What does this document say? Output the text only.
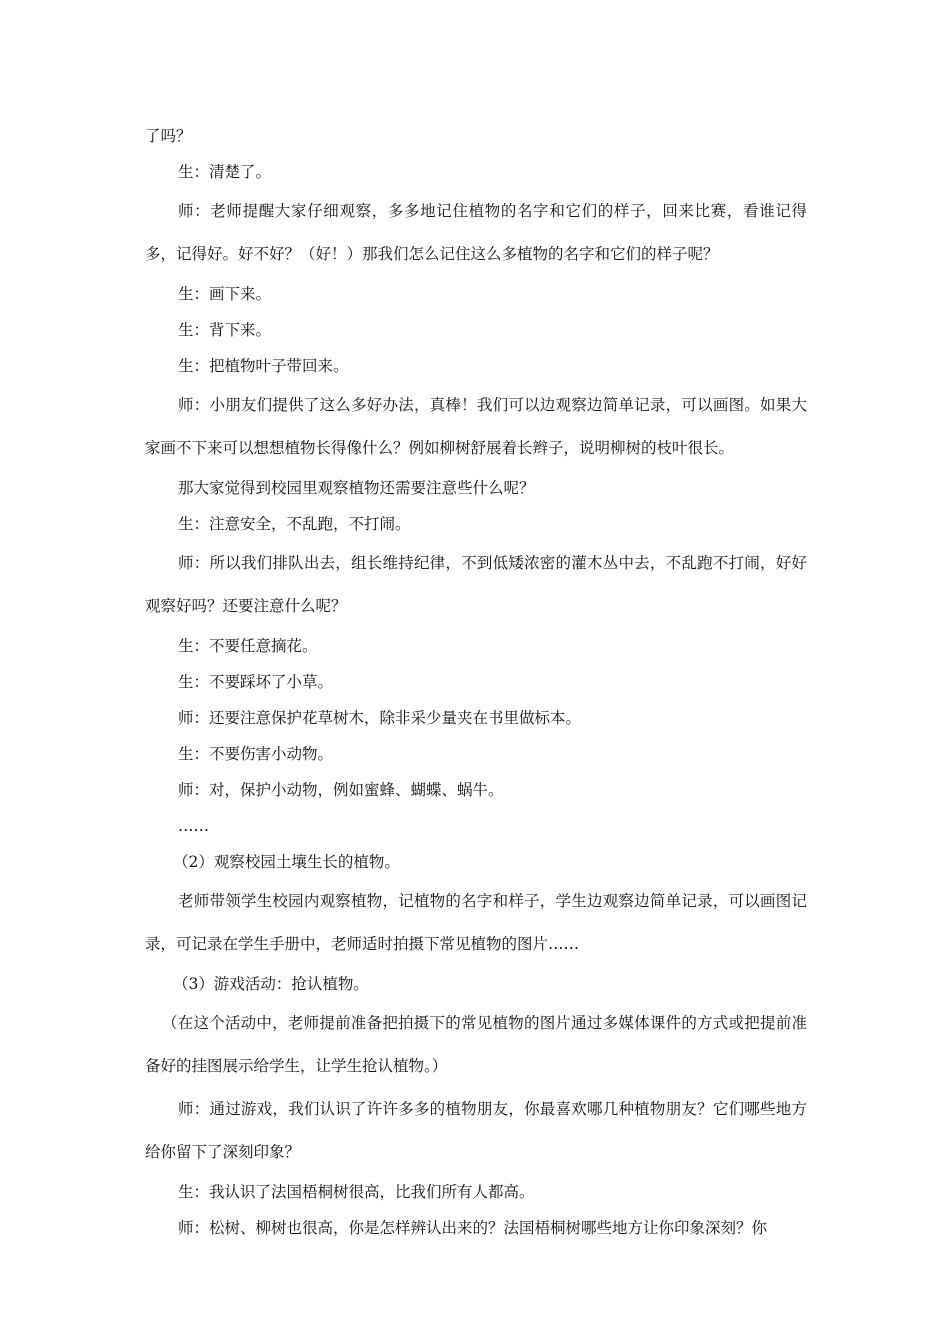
了吗？

生：清楚了。

师：老师提醒大家仔细观察，多多地记住植物的名字和它们的样子，回来比赛，看谁记得多，记得好。好不好？（好！）那我们怎么记住这么多植物的名字和它们的样子呢？

生：画下来。

生：背下来。

生：把植物叶子带回来。

师：小朋友们提供了这么多好办法，真棒！我们可以边观察边简单记录，可以画图。如果大家画不下来可以想想植物长得像什么？例如柳树舒展着长辫子，说明柳树的枝叶很长。

那大家觉得到校园里观察植物还需要注意些什么呢？

生：注意安全，不乱跑，不打闹。

师：所以我们排队出去，组长维持纪律，不到低矮浓密的灌木丛中去，不乱跑不打闹，好好观察好吗？还要注意什么呢？

生：不要任意摘花。

生：不要踩坏了小草。

师：还要注意保护花草树木，除非采少量夹在书里做标本。

生：不要伤害小动物。

师：对，保护小动物，例如蜜蜂、蝴蝶、蜗牛。

……

（2）观察校园土壤生长的植物。

老师带领学生校园内观察植物，记植物的名字和样子，学生边观察边简单记录，可以画图记录，可记录在学生手册中，老师适时拍摄下常见植物的图片……

（3）游戏活动：抢认植物。

（在这个活动中，老师提前准备把拍摄下的常见植物的图片通过多媒体课件的方式或把提前准备好的挂图展示给学生，让学生抢认植物。）

师：通过游戏，我们认识了许许多多的植物朋友，你最喜欢哪几种植物朋友？它们哪些地方给你留下了深刻印象？

生：我认识了法国梧桐树很高，比我们所有人都高。

师：松树、柳树也很高，你是怎样辨认出来的？法国梧桐树哪些地方让你印象深刻？你
